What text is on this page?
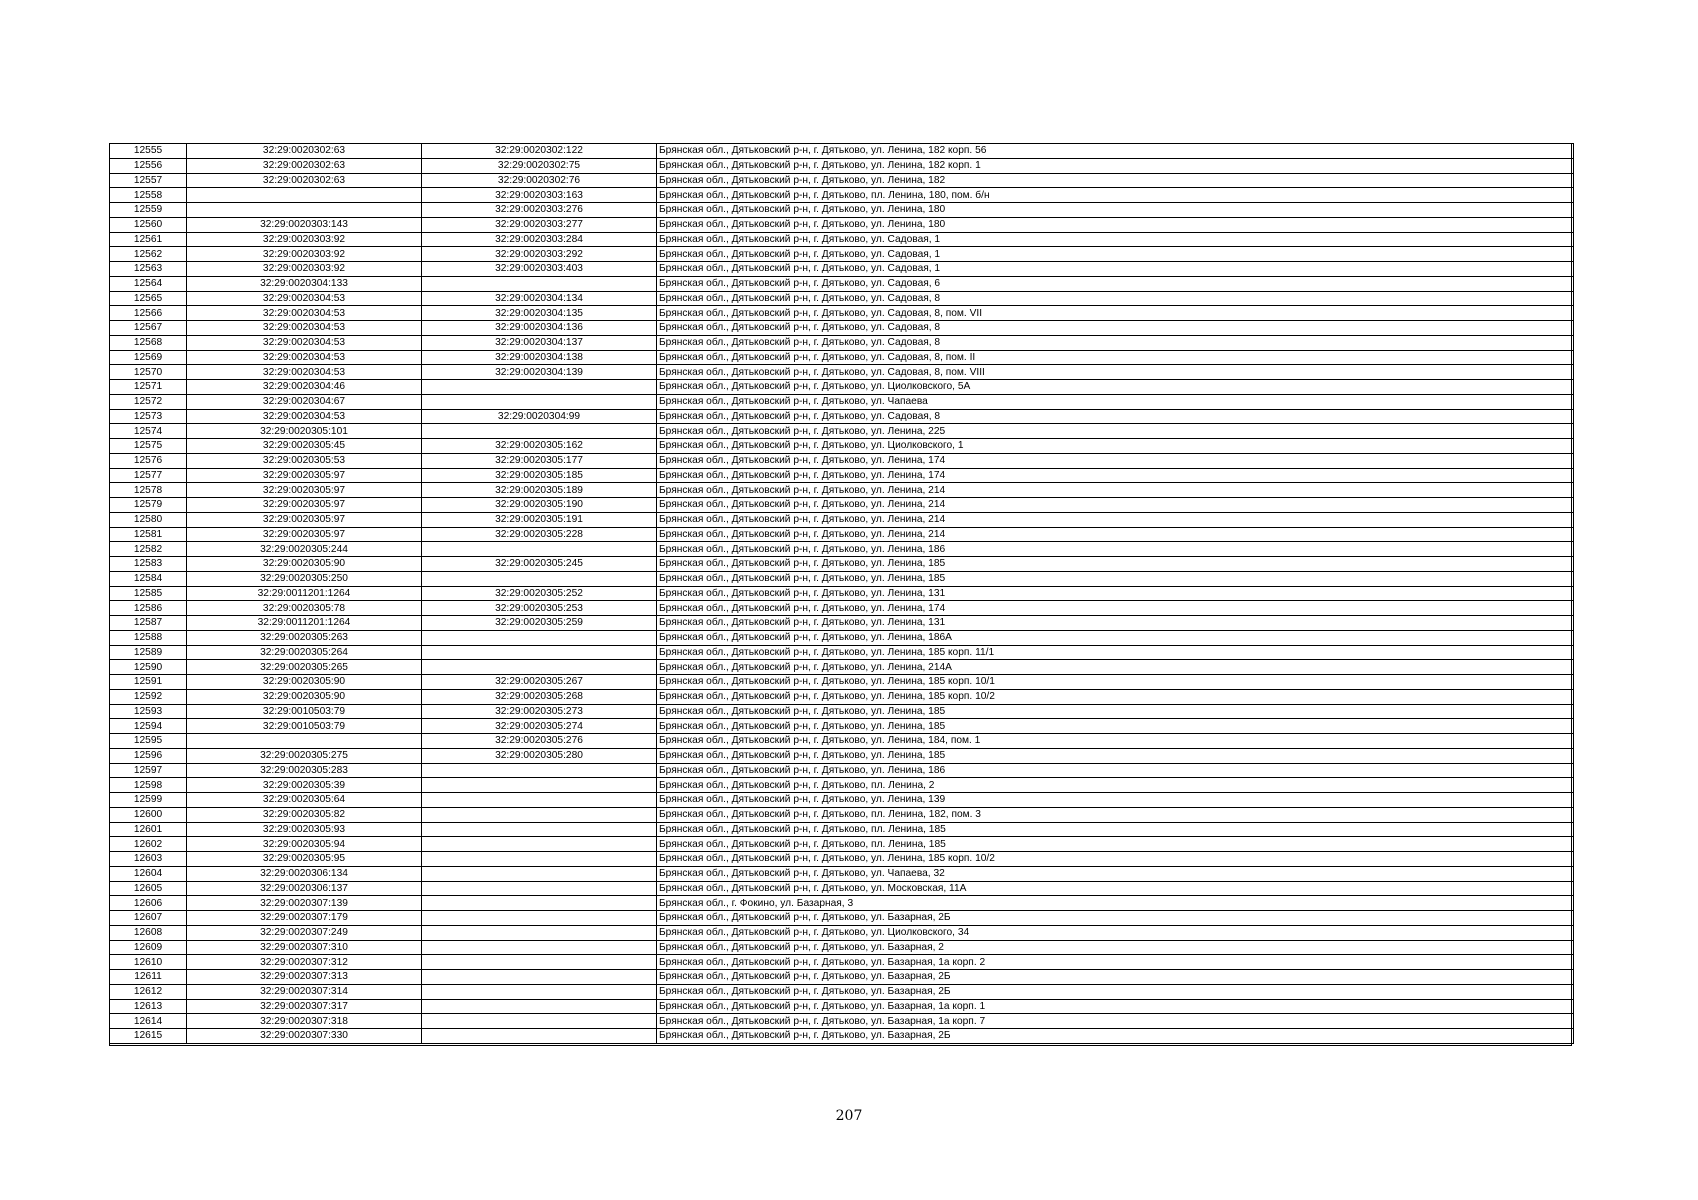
12555	32:29:0020302:63	32:29:0020302:122	Брянская обл., Дятьковский р-н, г. Дятьково, ул. Ленина, 182 корп. 56
12556	32:29:0020302:63	32:29:0020302:75	Брянская обл., Дятьковский р-н, г. Дятьково, ул. Ленина, 182 корп. 1
12557	32:29:0020302:63	32:29:0020302:76	Брянская обл., Дятьковский р-н, г. Дятьково, ул. Ленина, 182
12558		32:29:0020303:163	Брянская обл., Дятьковский р-н, г. Дятьково, пл. Ленина, 180, пом. б/н
12559		32:29:0020303:276	Брянская обл., Дятьковский р-н, г. Дятьково, ул. Ленина, 180
12560	32:29:0020303:143	32:29:0020303:277	Брянская обл., Дятьковский р-н, г. Дятьково, ул. Ленина, 180
12561	32:29:0020303:92	32:29:0020303:284	Брянская обл., Дятьковский р-н, г. Дятьково, ул. Садовая, 1
12562	32:29:0020303:92	32:29:0020303:292	Брянская обл., Дятьковский р-н, г. Дятьково, ул. Садовая, 1
12563	32:29:0020303:92	32:29:0020303:403	Брянская обл., Дятьковский р-н, г. Дятьково, ул. Садовая, 1
12564	32:29:0020304:133		Брянская обл., Дятьковский р-н, г. Дятьково, ул. Садовая, 6
12565	32:29:0020304:53	32:29:0020304:134	Брянская обл., Дятьковский р-н, г. Дятьково, ул. Садовая, 8
12566	32:29:0020304:53	32:29:0020304:135	Брянская обл., Дятьковский р-н, г. Дятьково, ул. Садовая, 8, пом. VII
12567	32:29:0020304:53	32:29:0020304:136	Брянская обл., Дятьковский р-н, г. Дятьково, ул. Садовая, 8
12568	32:29:0020304:53	32:29:0020304:137	Брянская обл., Дятьковский р-н, г. Дятьково, ул. Садовая, 8
12569	32:29:0020304:53	32:29:0020304:138	Брянская обл., Дятьковский р-н, г. Дятьково, ул. Садовая, 8, пом. II
12570	32:29:0020304:53	32:29:0020304:139	Брянская обл., Дятьковский р-н, г. Дятьково, ул. Садовая, 8, пом. VIII
12571	32:29:0020304:46		Брянская обл., Дятьковский р-н, г. Дятьково, ул. Циолковского, 5А
12572	32:29:0020304:67		Брянская обл., Дятьковский р-н, г. Дятьково, ул. Чапаева
12573	32:29:0020304:53	32:29:0020304:99	Брянская обл., Дятьковский р-н, г. Дятьково, ул. Садовая, 8
12574	32:29:0020305:101		Брянская обл., Дятьковский р-н, г. Дятьково, ул. Ленина, 225
12575	32:29:0020305:45	32:29:0020305:162	Брянская обл., Дятьковский р-н, г. Дятьково, ул. Циолковского, 1
12576	32:29:0020305:53	32:29:0020305:177	Брянская обл., Дятьковский р-н, г. Дятьково, ул. Ленина, 174
12577	32:29:0020305:97	32:29:0020305:185	Брянская обл., Дятьковский р-н, г. Дятьково, ул. Ленина, 174
12578	32:29:0020305:97	32:29:0020305:189	Брянская обл., Дятьковский р-н, г. Дятьково, ул. Ленина, 214
12579	32:29:0020305:97	32:29:0020305:190	Брянская обл., Дятьковский р-н, г. Дятьково, ул. Ленина, 214
12580	32:29:0020305:97	32:29:0020305:191	Брянская обл., Дятьковский р-н, г. Дятьково, ул. Ленина, 214
12581	32:29:0020305:97	32:29:0020305:228	Брянская обл., Дятьковский р-н, г. Дятьково, ул. Ленина, 214
12582	32:29:0020305:244		Брянская обл., Дятьковский р-н, г. Дятьково, ул. Ленина, 186
12583	32:29:0020305:90	32:29:0020305:245	Брянская обл., Дятьковский р-н, г. Дятьково, ул. Ленина, 185
12584	32:29:0020305:250		Брянская обл., Дятьковский р-н, г. Дятьково, ул. Ленина, 185
12585	32:29:0011201:1264	32:29:0020305:252	Брянская обл., Дятьковский р-н, г. Дятьково, ул. Ленина, 131
12586	32:29:0020305:78	32:29:0020305:253	Брянская обл., Дятьковский р-н, г. Дятьково, ул. Ленина, 174
12587	32:29:0011201:1264	32:29:0020305:259	Брянская обл., Дятьковский р-н, г. Дятьково, ул. Ленина, 131
12588	32:29:0020305:263		Брянская обл., Дятьковский р-н, г. Дятьково, ул. Ленина, 186А
12589	32:29:0020305:264		Брянская обл., Дятьковский р-н, г. Дятьково, ул. Ленина, 185 корп. 11/1
12590	32:29:0020305:265		Брянская обл., Дятьковский р-н, г. Дятьково, ул. Ленина, 214А
12591	32:29:0020305:90	32:29:0020305:267	Брянская обл., Дятьковский р-н, г. Дятьково, ул. Ленина, 185 корп. 10/1
12592	32:29:0020305:90	32:29:0020305:268	Брянская обл., Дятьковский р-н, г. Дятьково, ул. Ленина, 185 корп. 10/2
12593	32:29:0010503:79	32:29:0020305:273	Брянская обл., Дятьковский р-н, г. Дятьково, ул. Ленина, 185
12594	32:29:0010503:79	32:29:0020305:274	Брянская обл., Дятьковский р-н, г. Дятьково, ул. Ленина, 185
12595		32:29:0020305:276	Брянская обл., Дятьковский р-н, г. Дятьково, ул. Ленина, 184, пом. 1
12596	32:29:0020305:275	32:29:0020305:280	Брянская обл., Дятьковский р-н, г. Дятьково, ул. Ленина, 185
12597	32:29:0020305:283		Брянская обл., Дятьковский р-н, г. Дятьково, ул. Ленина, 186
12598	32:29:0020305:39		Брянская обл., Дятьковский р-н, г. Дятьково, пл. Ленина, 2
12599	32:29:0020305:64		Брянская обл., Дятьковский р-н, г. Дятьково, ул. Ленина, 139
12600	32:29:0020305:82		Брянская обл., Дятьковский р-н, г. Дятьково, пл. Ленина, 182, пом. 3
12601	32:29:0020305:93		Брянская обл., Дятьковский р-н, г. Дятьково, пл. Ленина, 185
12602	32:29:0020305:94		Брянская обл., Дятьковский р-н, г. Дятьково, пл. Ленина, 185
12603	32:29:0020305:95		Брянская обл., Дятьковский р-н, г. Дятьково, ул. Ленина, 185 корп. 10/2
12604	32:29:0020306:134		Брянская обл., Дятьковский р-н, г. Дятьково, ул. Чапаева, 32
12605	32:29:0020306:137		Брянская обл., Дятьковский р-н, г. Дятьково, ул. Московская, 11А
12606	32:29:0020307:139		Брянская обл., г. Фокино, ул. Базарная, 3
12607	32:29:0020307:179		Брянская обл., Дятьковский р-н, г. Дятьково, ул. Базарная, 2Б
12608	32:29:0020307:249		Брянская обл., Дятьковский р-н, г. Дятьково, ул. Циолковского, 34
12609	32:29:0020307:310		Брянская обл., Дятьковский р-н, г. Дятьково, ул. Базарная, 2
12610	32:29:0020307:312		Брянская обл., Дятьковский р-н, г. Дятьково, ул. Базарная, 1а корп. 2
12611	32:29:0020307:313		Брянская обл., Дятьковский р-н, г. Дятьково, ул. Базарная, 2Б
12612	32:29:0020307:314		Брянская обл., Дятьковский р-н, г. Дятьково, ул. Базарная, 2Б
12613	32:29:0020307:317		Брянская обл., Дятьковский р-н, г. Дятьково, ул. Базарная, 1а корп. 1
12614	32:29:0020307:318		Брянская обл., Дятьковский р-н, г. Дятьково, ул. Базарная, 1а корп. 7
12615	32:29:0020307:330		Брянская обл., Дятьковский р-н, г. Дятьково, ул. Базарная, 2Б
207
